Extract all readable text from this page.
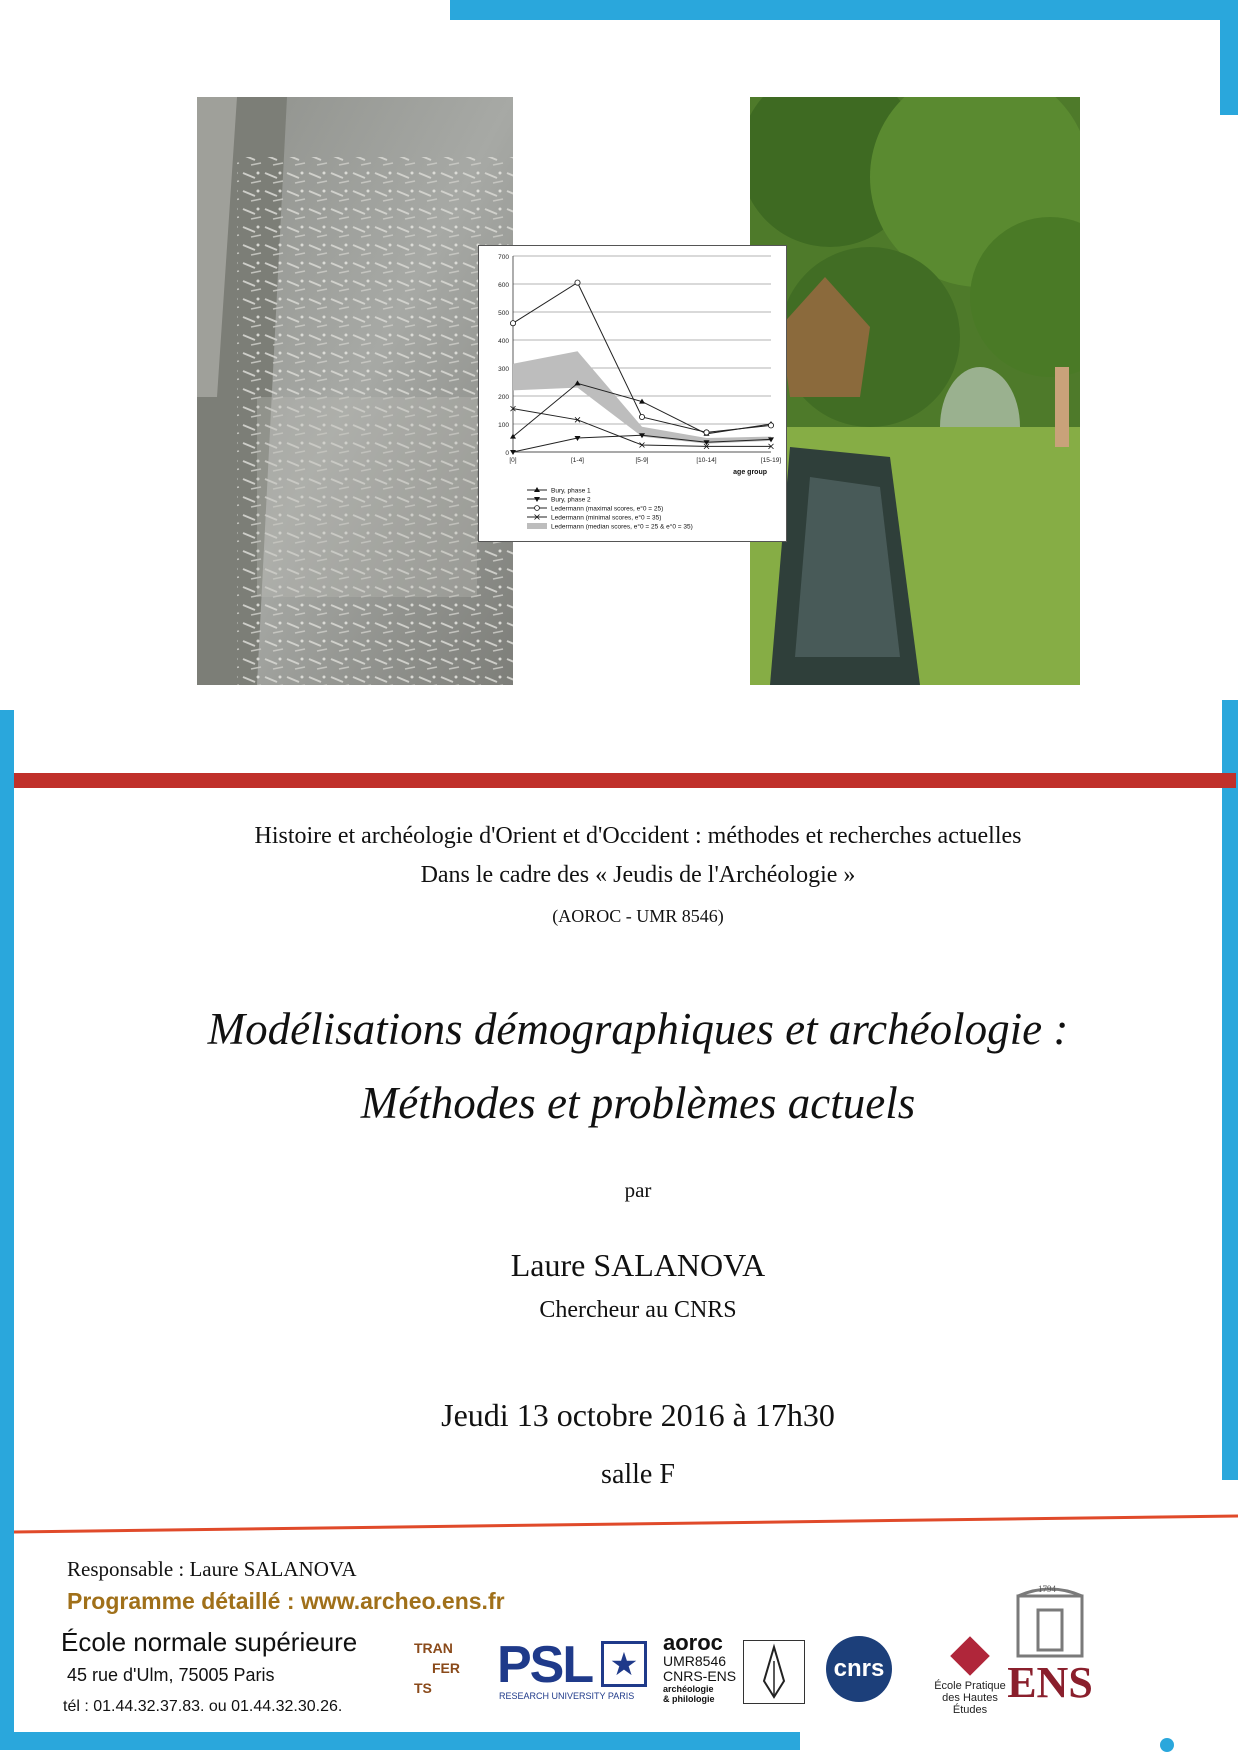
0
100
200
300
400
500
600
700
[0]	[1-4]	[5-9]	[10-14]	[15-19]
age group
Bury, phase 1
Bury, phase 2
Ledermann (maximal scores, e°0 = 25)
Ledermann (minimal scores, e°0 = 35)
Ledermann (median scores, e°0 = 25 & e°0 = 35)
Histoire et archéologie d'Orient et d'Occident : méthodes et recherches actuelles
Dans le cadre des « Jeudis de l'Archéologie »
(AOROC - UMR 8546)
Modélisations démographiques et archéologie :
Méthodes et problèmes actuels
par
Laure SALANOVA
Chercheur au CNRS
Jeudi 13 octobre 2016 à 17h30
salle F
Responsable : Laure SALANOVA
Programme détaillé : www.archeo.ens.fr
École normale supérieure
45 rue d'Ulm, 75005 Paris
tél : 01.44.32.37.83. ou 01.44.32.30.26.
TRAN
FER
TS	PSL ★
RESEARCH UNIVERSITY PARIS
aoroc
UMR8546
CNRS-ENS
archéologie
& philologie
cnrs
École Pratique
des Hautes Études
1794
ENS
